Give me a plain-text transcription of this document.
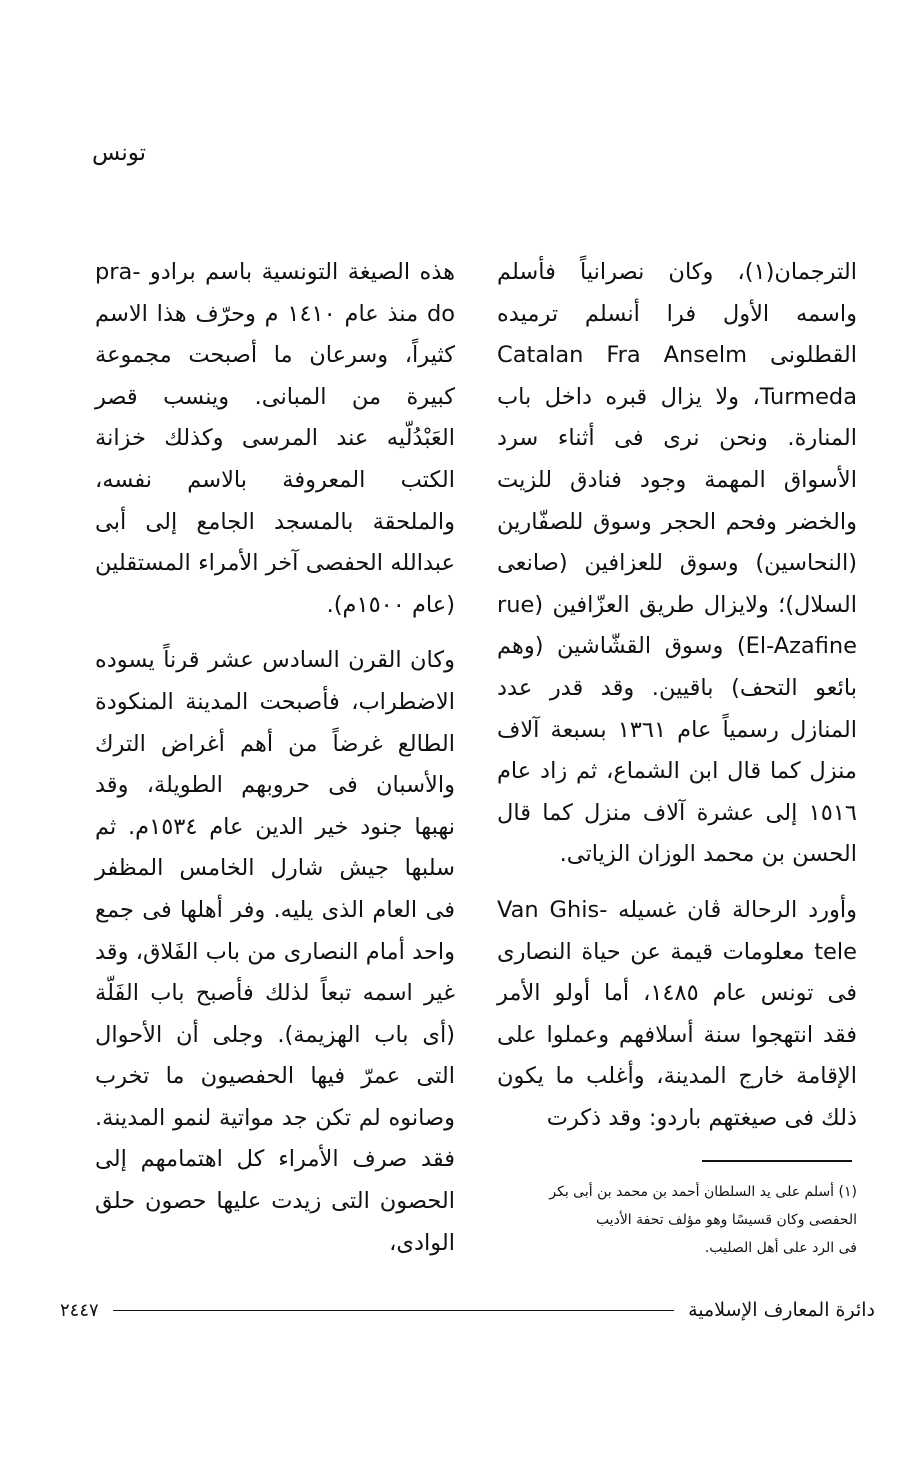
تونس

الترجمان(١)، وكان نصرانياً فأسلم واسمه الأول فرا أنسلم ترميده القطلونى Catalan Fra Anselm Turmeda، ولا يزال قبره داخل باب المنارة. ونحن نرى فى أثناء سرد الأسواق المهمة وجود فنادق للزيت والخضر وفحم الحجر وسوق للصفّارين (النحاسين) وسوق للعزافين (صانعى السلال)؛ ولايزال طريق العزّافين (rue El-Azafine) وسوق القشّاشين (وهم بائعو التحف) باقيين. وقد قدر عدد المنازل رسمياً عام ١٣٦١ بسبعة آلاف منزل كما قال ابن الشماع، ثم زاد عام ١٥١٦ إلى عشرة آلاف منزل كما قال الحسن بن محمد الوزان الزياتى.

وأورد الرحالة ڤان غسيله Van Ghis-tele معلومات قيمة عن حياة النصارى فى تونس عام ١٤٨٥، أما أولو الأمر فقد انتهجوا سنة أسلافهم وعملوا على الإقامة خارج المدينة، وأغلب ما يكون ذلك فى صيغتهم باردو: وقد ذكرت

هذه الصيغة التونسية باسم برادو pra-do منذ عام ١٤١٠ م وحرّف هذا الاسم كثيراً، وسرعان ما أصبحت مجموعة كبيرة من المبانى. وينسب قصر العَبْدُلّيه عند المرسى وكذلك خزانة الكتب المعروفة بالاسم نفسه، والملحقة بالمسجد الجامع إلى أبى عبدالله الحفصى آخر الأمراء المستقلين (عام ١٥٠٠م).

وكان القرن السادس عشر قرناً يسوده الاضطراب، فأصبحت المدينة المنكودة الطالع غرضاً من أهم أغراض الترك والأسبان فى حروبهم الطويلة، وقد نهبها جنود خير الدين عام ١٥٣٤م. ثم سلبها جيش شارل الخامس المظفر فى العام الذى يليه. وفر أهلها فى جمع واحد أمام النصارى من باب الفَلاق، وقد غير اسمه تبعاً لذلك فأصبح باب الفَلّة (أى باب الهزيمة). وجلى أن الأحوال التى عمرّ فيها الحفصيون ما تخرب وصانوه لم تكن جد مواتية لنمو المدينة. فقد صرف الأمراء كل اهتمامهم إلى الحصون التى زيدت عليها حصون حلق الوادى،

(١) أسلم على يد السلطان أحمد بن محمد بن أبى بكر

الحفصى وكان قسيسًا وهو مؤلف تحفة الأديب

فى الرد على أهل الصليب.

دائرة المعارف الإسلامية
٢٤٤٧
